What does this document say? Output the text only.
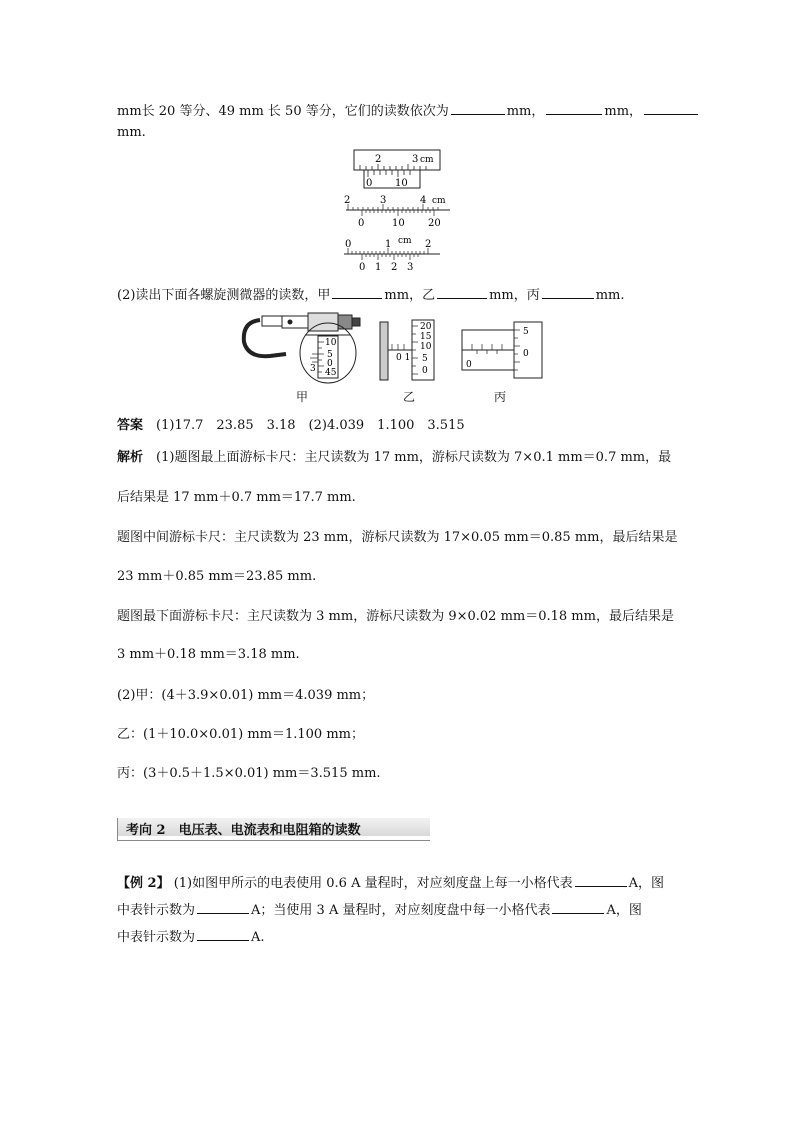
mm长 20 等分、49 mm 长 50 等分，它们的读数依次为	mm，	mm，
mm.
2	3 cm
0 10
2	3	4 cm
0	10 20
0	1 cm 2
0 1 2 3
(2)读出下面各螺旋测微器的读数，甲	mm，乙	mm，丙	mm.
10
5
0
45
3
20
15
10
5
0
0 1
5
0
0
甲	乙	丙
答案　 (1)17.7　23.85　3.18　(2)4.039　1.100　3.515
解析　 (1)题图最上面游标卡尺：主尺读数为 17 mm，游标尺读数为 7×0.1 mm＝0.7 mm，最
后结果是 17 mm＋0.7 mm＝17.7 mm.
题图中间游标卡尺：主尺读数为 23 mm，游标尺读数为 17×0.05 mm＝0.85 mm，最后结果是
23 mm＋0.85 mm＝23.85 mm.
题图最下面游标卡尺：主尺读数为 3 mm，游标尺读数为 9×0.02 mm＝0.18 mm，最后结果是
3 mm＋0.18 mm＝3.18 mm.
(2)甲：(4＋3.9×0.01) mm＝4.039 mm；
乙：(1＋10.0×0.01) mm＝1.100 mm；
丙：(3＋0.5＋1.5×0.01) mm＝3.515 mm.
考向 2　电压表、电流表和电阻箱的读数
【例 2】 (1)如图甲所示的电表使用 0.6 A 量程时，对应刻度盘上每一小格代表	A，图
中表针示数为	A；当使用 3 A 量程时，对应刻度盘中每一小格代表	A，图
中表针示数为	A.
